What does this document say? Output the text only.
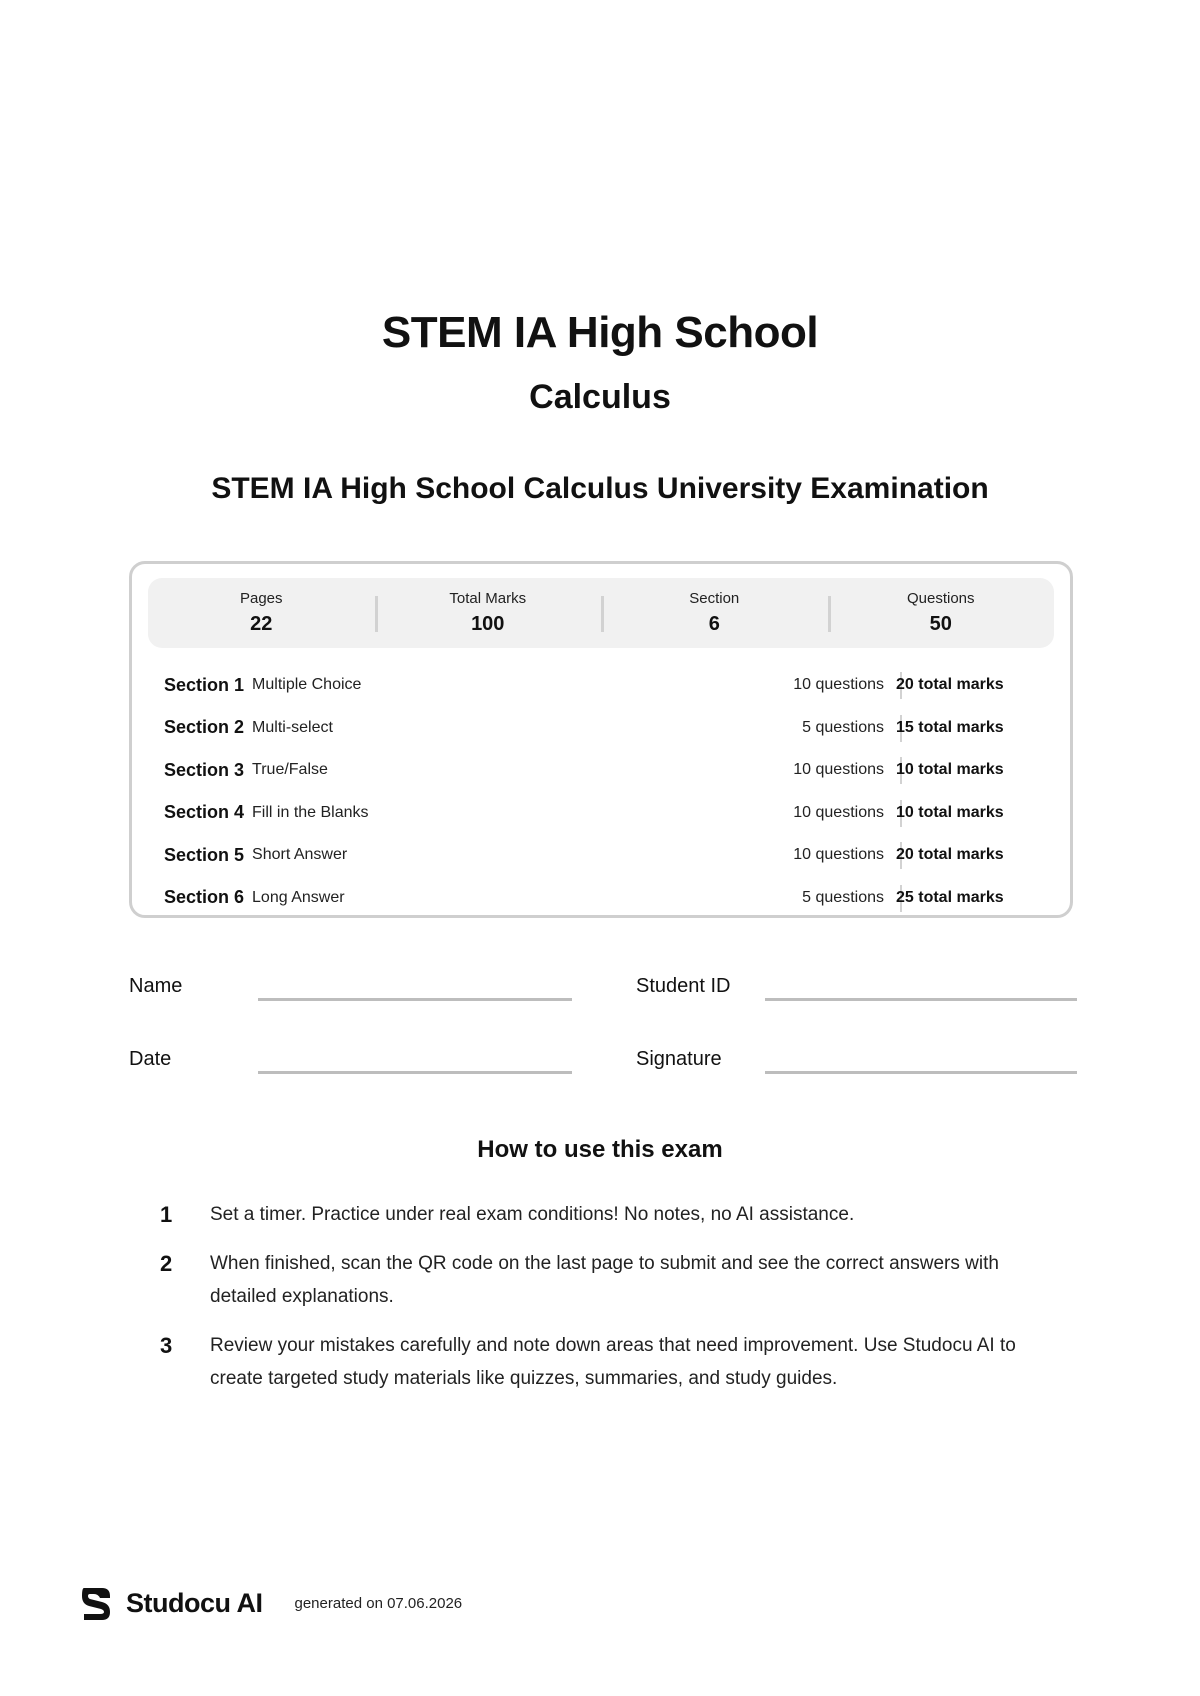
STEM IA High School
Calculus
STEM IA High School Calculus University Examination
Pages
22
Total Marks
100
Section
6
Questions
50
Section 1 Multiple Choice	10 questions 20 total marks
Section 2 Multi-select	5 questions 15 total marks
Section 3 True/False	10 questions 10 total marks
Section 4 Fill in the Blanks	10 questions 10 total marks
Section 5 Short Answer	10 questions 20 total marks
Section 6 Long Answer	5 questions 25 total marks
Name	Student ID
Date	Signature
How to use this exam
1	Set a timer. Practice under real exam conditions! No notes, no AI assistance.
2	When finished, scan the QR code on the last page to submit and see the correct answers with detailed explanations.
3	Review your mistakes carefully and note down areas that need improvement. Use Studocu AI to create targeted study materials like quizzes, summaries, and study guides.
Studocu AI generated on 07.06.2026
